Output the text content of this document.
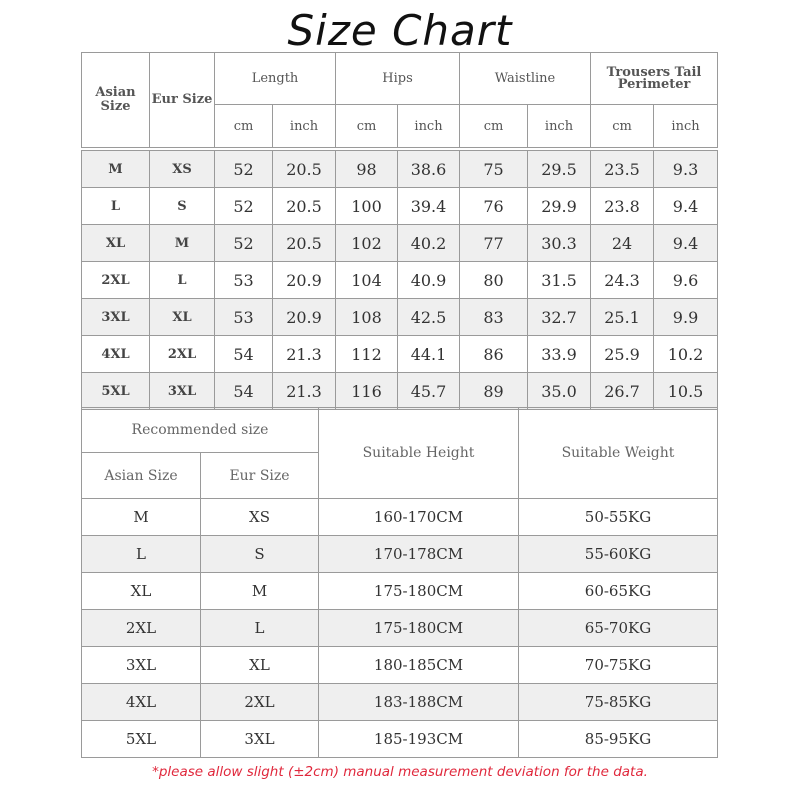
Size Chart
Asian Size	Eur Size	Length		Hips		Waistline		Trousers Tail Perimeter	
		cm	inch	cm	inch	cm	inch	cm	inch

M	XS	52	20.5	98	38.6	75	29.5	23.5	9.3
L	S	52	20.5	100	39.4	76	29.9	23.8	9.4
XL	M	52	20.5	102	40.2	77	30.3	24	9.4
2XL	L	53	20.9	104	40.9	80	31.5	24.3	9.6
3XL	XL	53	20.9	108	42.5	83	32.7	25.1	9.9
4XL	2XL	54	21.3	112	44.1	86	33.9	25.9	10.2
5XL	3XL	54	21.3	116	45.7	89	35.0	26.7	10.5
Recommended size		Suitable Height	Suitable Weight
Asian Size	Eur Size		
M	XS	160-170CM	50-55KG
L	S	170-178CM	55-60KG
XL	M	175-180CM	60-65KG
2XL	L	175-180CM	65-70KG
3XL	XL	180-185CM	70-75KG
4XL	2XL	183-188CM	75-85KG
5XL	3XL	185-193CM	85-95KG
*please allow slight (±2cm) manual measurement deviation for the data.
